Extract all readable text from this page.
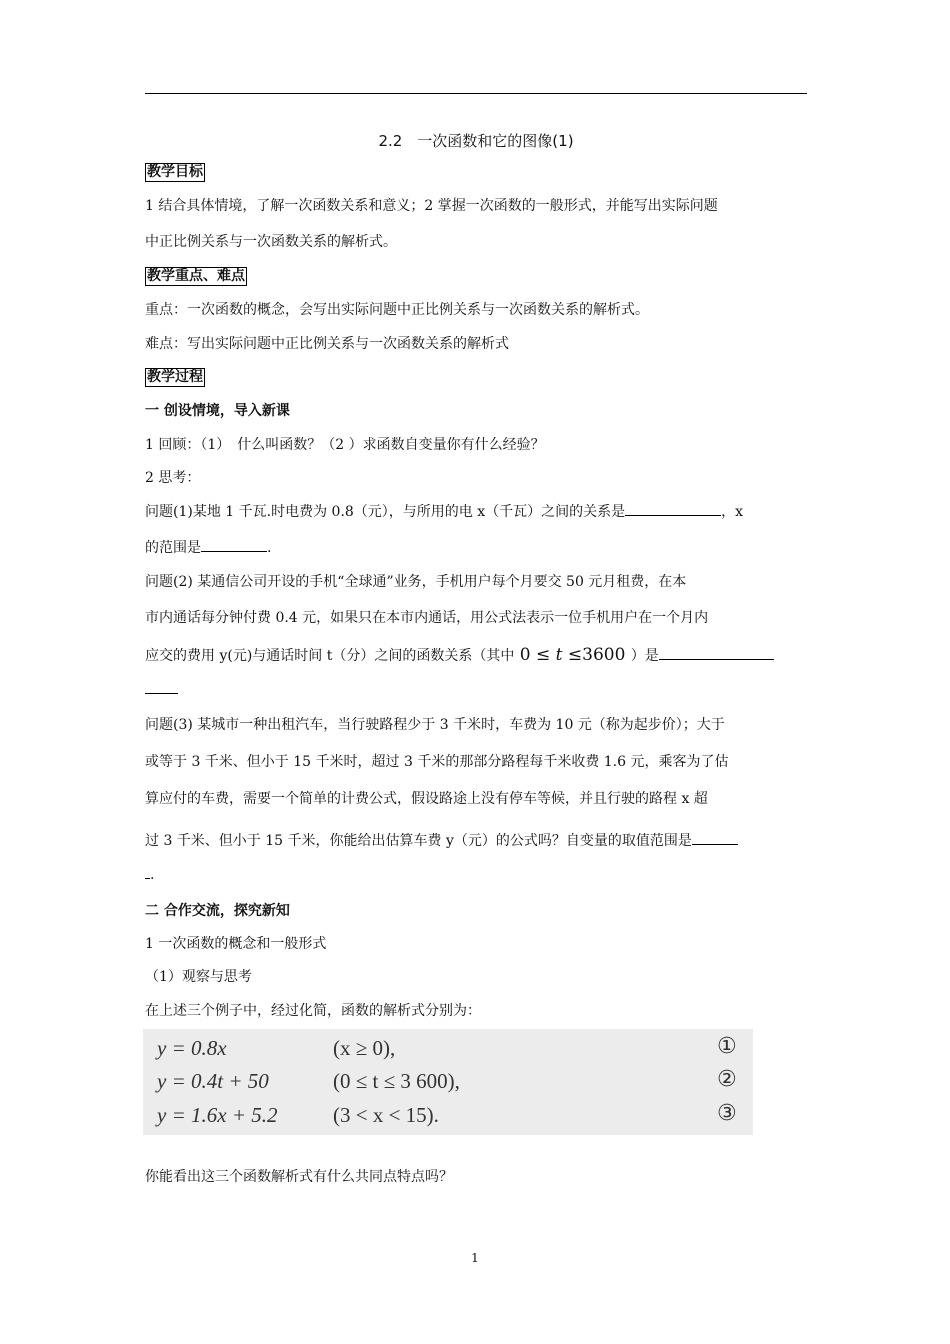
2.2　一次函数和它的图像(1)
教学目标
1 结合具体情境，了解一次函数关系和意义；2 掌握一次函数的一般形式，并能写出实际问题
中正比例关系与一次函数关系的解析式。
教学重点、难点
重点：一次函数的概念，会写出实际问题中正比例关系与一次函数关系的解析式。
难点：写出实际问题中正比例关系与一次函数关系的解析式
教学过程
一 创设情境，导入新课
1 回顾：（1）　什么叫函数？（2 ）求函数自变量你有什么经验？
2 思考：
问题(1)某地 1 千瓦.时电费为 0.8（元），与所用的电 x（千瓦）之间的关系是	，x
的范围是	.
问题(2) 某通信公司开设的手机“全球通”业务，手机用户每个月要交 50 元月租费，在本
市内通话每分钟付费 0.4 元，如果只在本市内通话，用公式法表示一位手机用户在一个月内
应交的费用 y(元)与通话时间 t（分）之间的函数关系（其中 0 ≤ t ≤3600 ）是
问题(3) 某城市一种出租汽车，当行驶路程少于 3 千米时，车费为 10 元（称为起步价）；大于
或等于 3 千米、但小于 15 千米时，超过 3 千米的那部分路程每千米收费 1.6 元，乘客为了估
算应付的车费，需要一个简单的计费公式，假设路途上没有停车等候，并且行驶的路程 x 超
过 3 千米、但小于 15 千米，你能给出估算车费 y（元）的公式吗？自变量的取值范围是
.
二 合作交流，探究新知
1 一次函数的概念和一般形式
（1）观察与思考
在上述三个例子中，经过化简，函数的解析式分别为：
y = 0.8x	(x ≥ 0),	①
y = 0.4t + 50	(0 ≤ t ≤ 3 600),	②
y = 1.6x + 5.2	(3 < x < 15).	③
你能看出这三个函数解析式有什么共同点特点吗？
1
